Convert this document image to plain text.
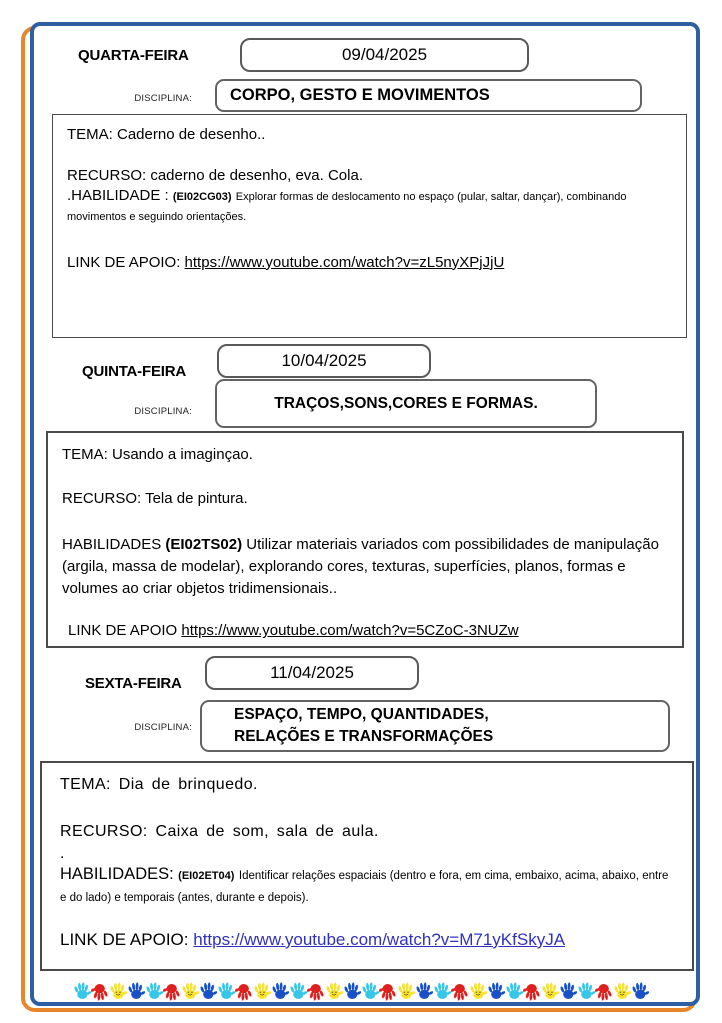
QUARTA-FEIRA	09/04/2025
DISCIPLINA: CORPO, GESTO E MOVIMENTOS

TEMA: Caderno de desenho..

RECURSO: caderno de desenho, eva. Cola.

.HABILIDADE : (EI02CG03) Explorar formas de deslocamento no espaço (pular, saltar, dançar), combinando movimentos e seguindo orientações.

LINK DE APOIO: https://www.youtube.com/watch?v=zL5nyXPjJjU

10/04/2025
QUINTA-FEIRA
DISCIPLINA:	TRAÇOS,SONS,CORES E FORMAS.

TEMA: Usando a imaginçao.

RECURSO: Tela de pintura.

HABILIDADES (EI02TS02) Utilizar materiais variados com possibilidades de manipulação (argila, massa de modelar), explorando cores, texturas, superfícies, planos, formas e volumes ao criar objetos tridimensionais..

LINK DE APOIO https://www.youtube.com/watch?v=5CZoC-3NUZw

11/04/2025
SEXTA-FEIRA
DISCIPLINA:
ESPAÇO, TEMPO, QUANTIDADES,
RELAÇÕES E TRANSFORMAÇÕES

TEMA: Dia de brinquedo.

RECURSO: Caixa de som, sala de aula.

.

HABILIDADES: (EI02ET04) Identificar relações espaciais (dentro e fora, em cima, embaixo, acima, abaixo, entre e do lado) e temporais (antes, durante e depois).

LINK DE APOIO: https://www.youtube.com/watch?v=M71yKfSkyJA
